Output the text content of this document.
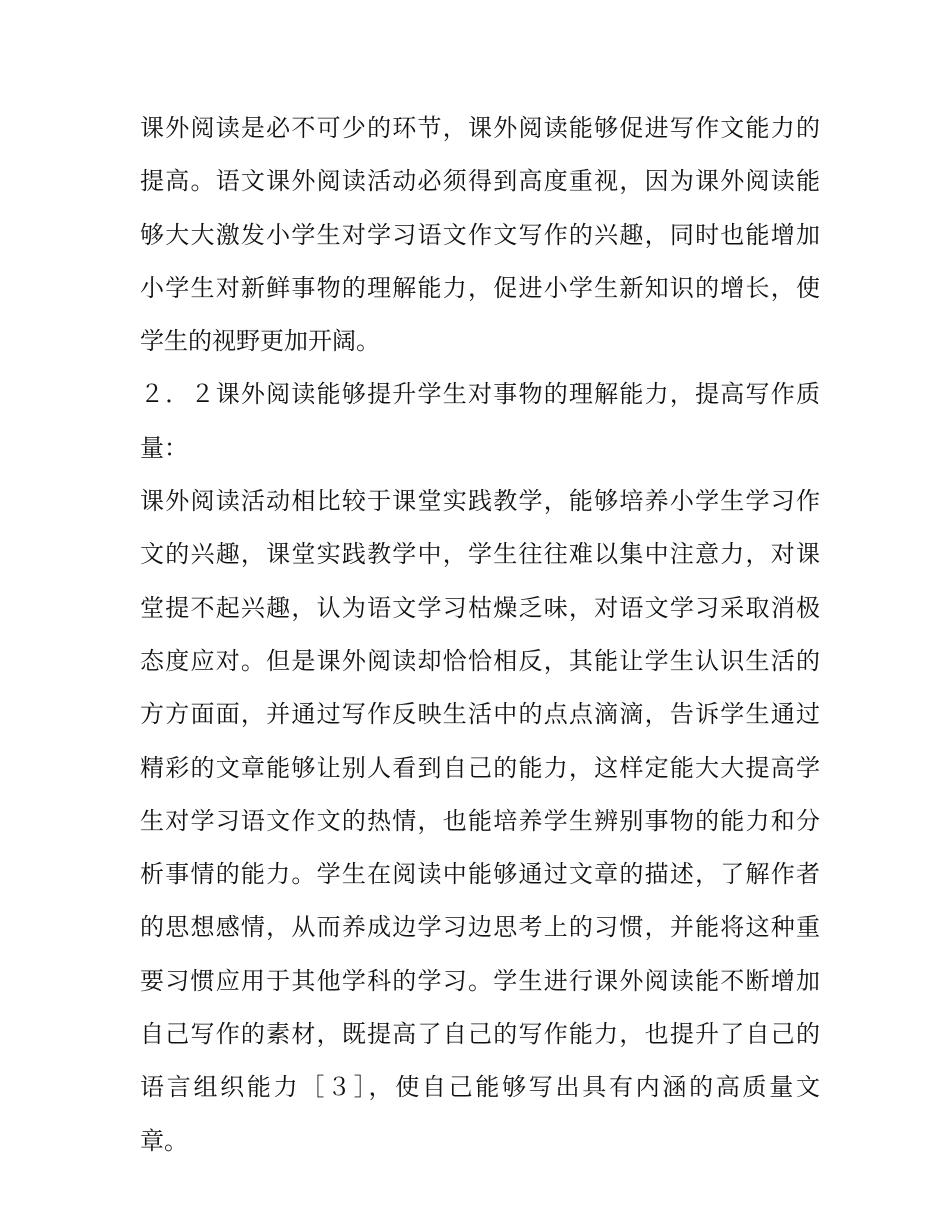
课外阅读是必不可少的环节，课外阅读能够促进写作文能力的
提高。语文课外阅读活动必须得到高度重视，因为课外阅读能
够大大激发小学生对学习语文作文写作的兴趣，同时也能增加
小学生对新鲜事物的理解能力，促进小学生新知识的增长，使
学生的视野更加开阔。
２．２课外阅读能够提升学生对事物的理解能力，提高写作质
量：
课外阅读活动相比较于课堂实践教学，能够培养小学生学习作
文的兴趣，课堂实践教学中，学生往往难以集中注意力，对课
堂提不起兴趣，认为语文学习枯燥乏味，对语文学习采取消极
态度应对。但是课外阅读却恰恰相反，其能让学生认识生活的
方方面面，并通过写作反映生活中的点点滴滴，告诉学生通过
精彩的文章能够让别人看到自己的能力，这样定能大大提高学
生对学习语文作文的热情，也能培养学生辨别事物的能力和分
析事情的能力。学生在阅读中能够通过文章的描述，了解作者
的思想感情，从而养成边学习边思考上的习惯，并能将这种重
要习惯应用于其他学科的学习。学生进行课外阅读能不断增加
自己写作的素材，既提高了自己的写作能力，也提升了自己的
语言组织能力［３］，使自己能够写出具有内涵的高质量文
章。
